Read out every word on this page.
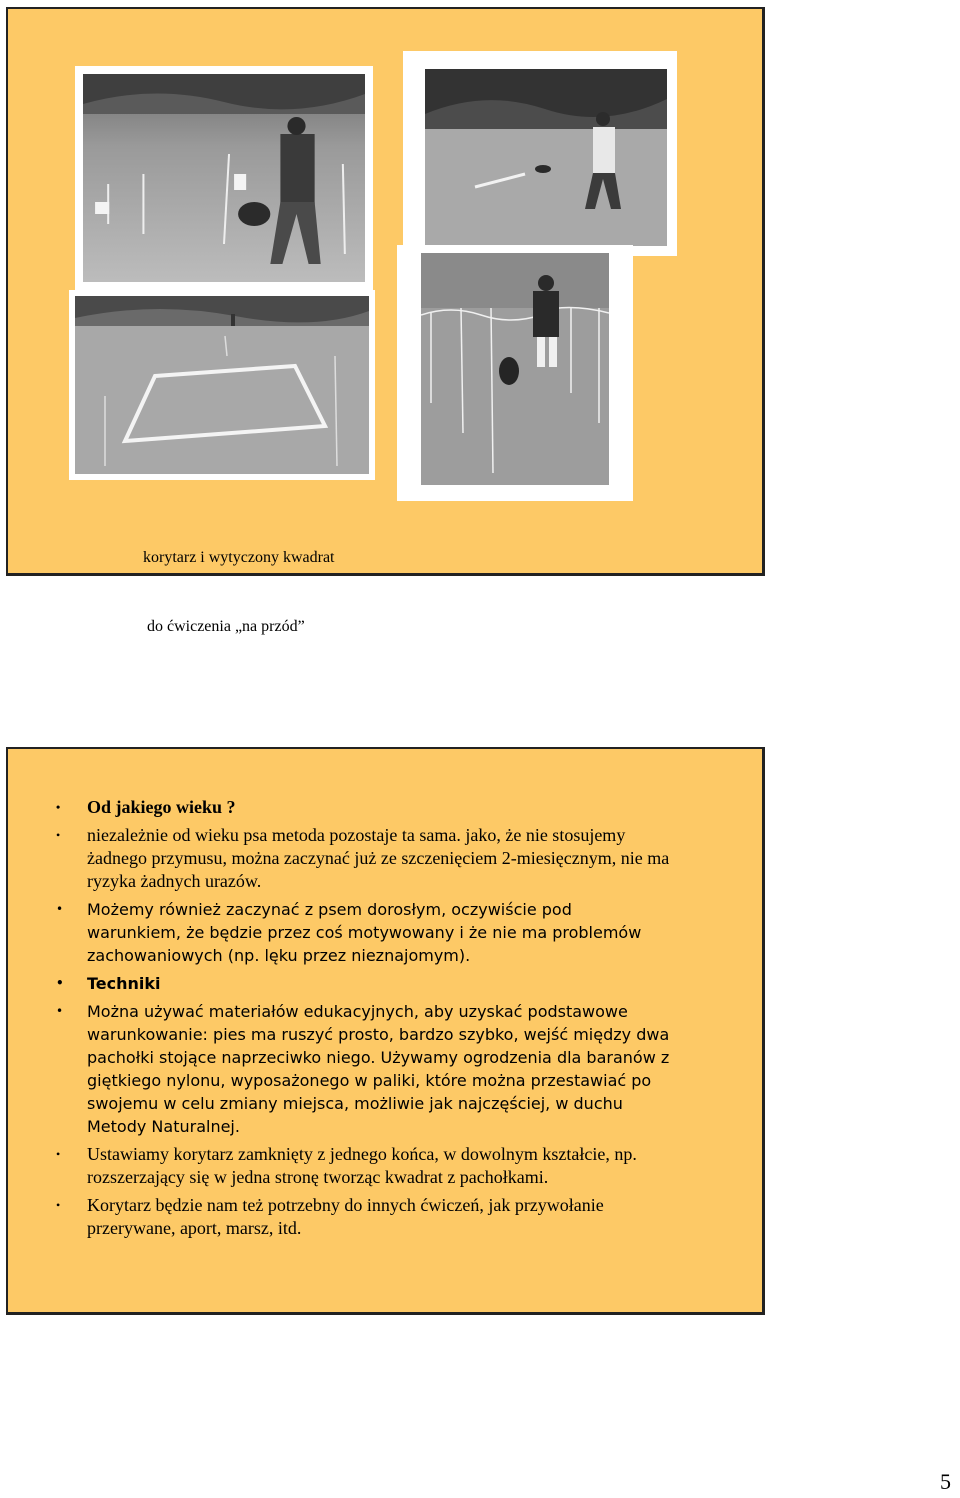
korytarz i wytyczony kwadrat

do ćwiczenia „na przód”

• Od jakiego wieku ?
• niezależnie od wieku psa metoda pozostaje ta sama. jako, że nie stosujemy żadnego przymusu, można zaczynać już ze szczenięciem 2-miesięcznym, nie ma ryzyka żadnych urazów.
• Możemy również zaczynać z psem dorosłym, oczywiście pod warunkiem, że będzie przez coś motywowany i że nie ma problemów zachowaniowych (np. lęku przez nieznajomym).
• Techniki
• Można używać materiałów edukacyjnych, aby uzyskać podstawowe warunkowanie: pies ma ruszyć prosto, bardzo szybko, wejść między dwa pachołki stojące naprzeciwko niego. Używamy ogrodzenia dla baranów z giętkiego nylonu, wyposażonego w paliki, które można przestawiać po swojemu w celu zmiany miejsca, możliwie jak najczęściej, w duchu Metody Naturalnej.
• Ustawiamy korytarz zamknięty z jednego końca, w dowolnym kształcie, np. rozszerzający się w jedna stronę tworząc kwadrat z pachołkami.
• Korytarz będzie nam też potrzebny do innych ćwiczeń, jak przywołanie przerywane, aport, marsz, itd.
5
